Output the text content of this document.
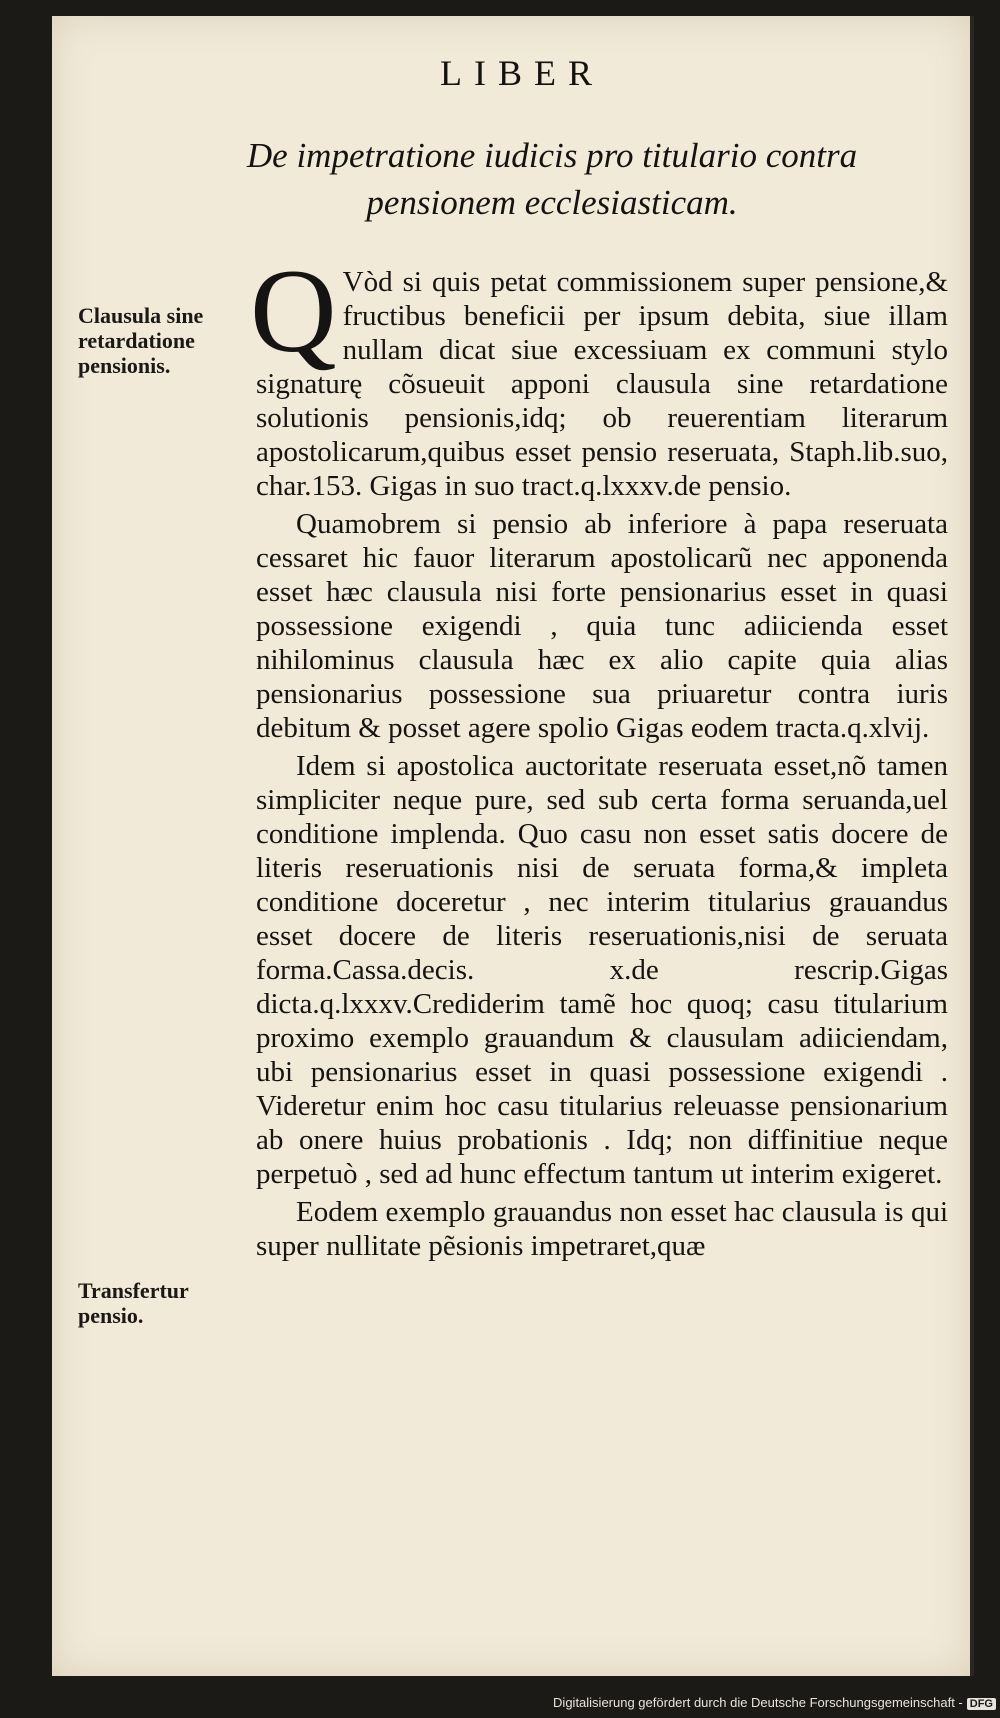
LIBER
De impetratione iudicis pro titulario contra pensionem ecclesiasticam.
Clausula sine retardatione pensionis.
Transfertur pensio.

Q Vòd si quis petat commissionem super pensione,& fructibus beneficii per ipsum debita, siue illam nullam dicat siue excessiuam ex communi stylo signaturę cõsueuit apponi clausula sine retardatione solutionis pensionis,idq; ob reuerentiam literarum apostolicarum,quibus esset pensio reseruata, Staph.lib.suo, char.153. Gigas in suo tract.q.lxxxv.de pensio.

Quamobrem si pensio ab inferiore à papa reseruata cessaret hic fauor literarum apostolicarũ nec apponenda esset hæc clausula nisi forte pensionarius esset in quasi possessione exigendi , quia tunc adiicienda esset nihilominus clausula hæc ex alio capite quia alias pensionarius possessione sua priuaretur contra iuris debitum & posset agere spolio Gigas eodem tracta.q.xlvij.

Idem si apostolica auctoritate reseruata esset,nõ tamen simpliciter neque pure, sed sub certa forma seruanda,uel conditione implenda. Quo casu non esset satis docere de literis reseruationis nisi de seruata forma,& impleta conditione doceretur , nec interim titularius grauandus esset docere de literis reseruationis,nisi de seruata forma.Cassa.decis. x.de rescrip.Gigas dicta.q.lxxxv.Crediderim tamẽ hoc quoq; casu titularium proximo exemplo grauandum & clausulam adiiciendam, ubi pensionarius esset in quasi possessione exigendi . Videretur enim hoc casu titularius releuasse pensionarium ab onere huius probationis . Idq; non diffinitiue neque perpetuò , sed ad hunc effectum tantum ut interim exigeret.

Eodem exemplo grauandus non esset hac clausula is qui super nullitate pẽsionis impetraret,quæ

Digitalisierung gefördert durch die Deutsche Forschungsgemeinschaft - DFG
